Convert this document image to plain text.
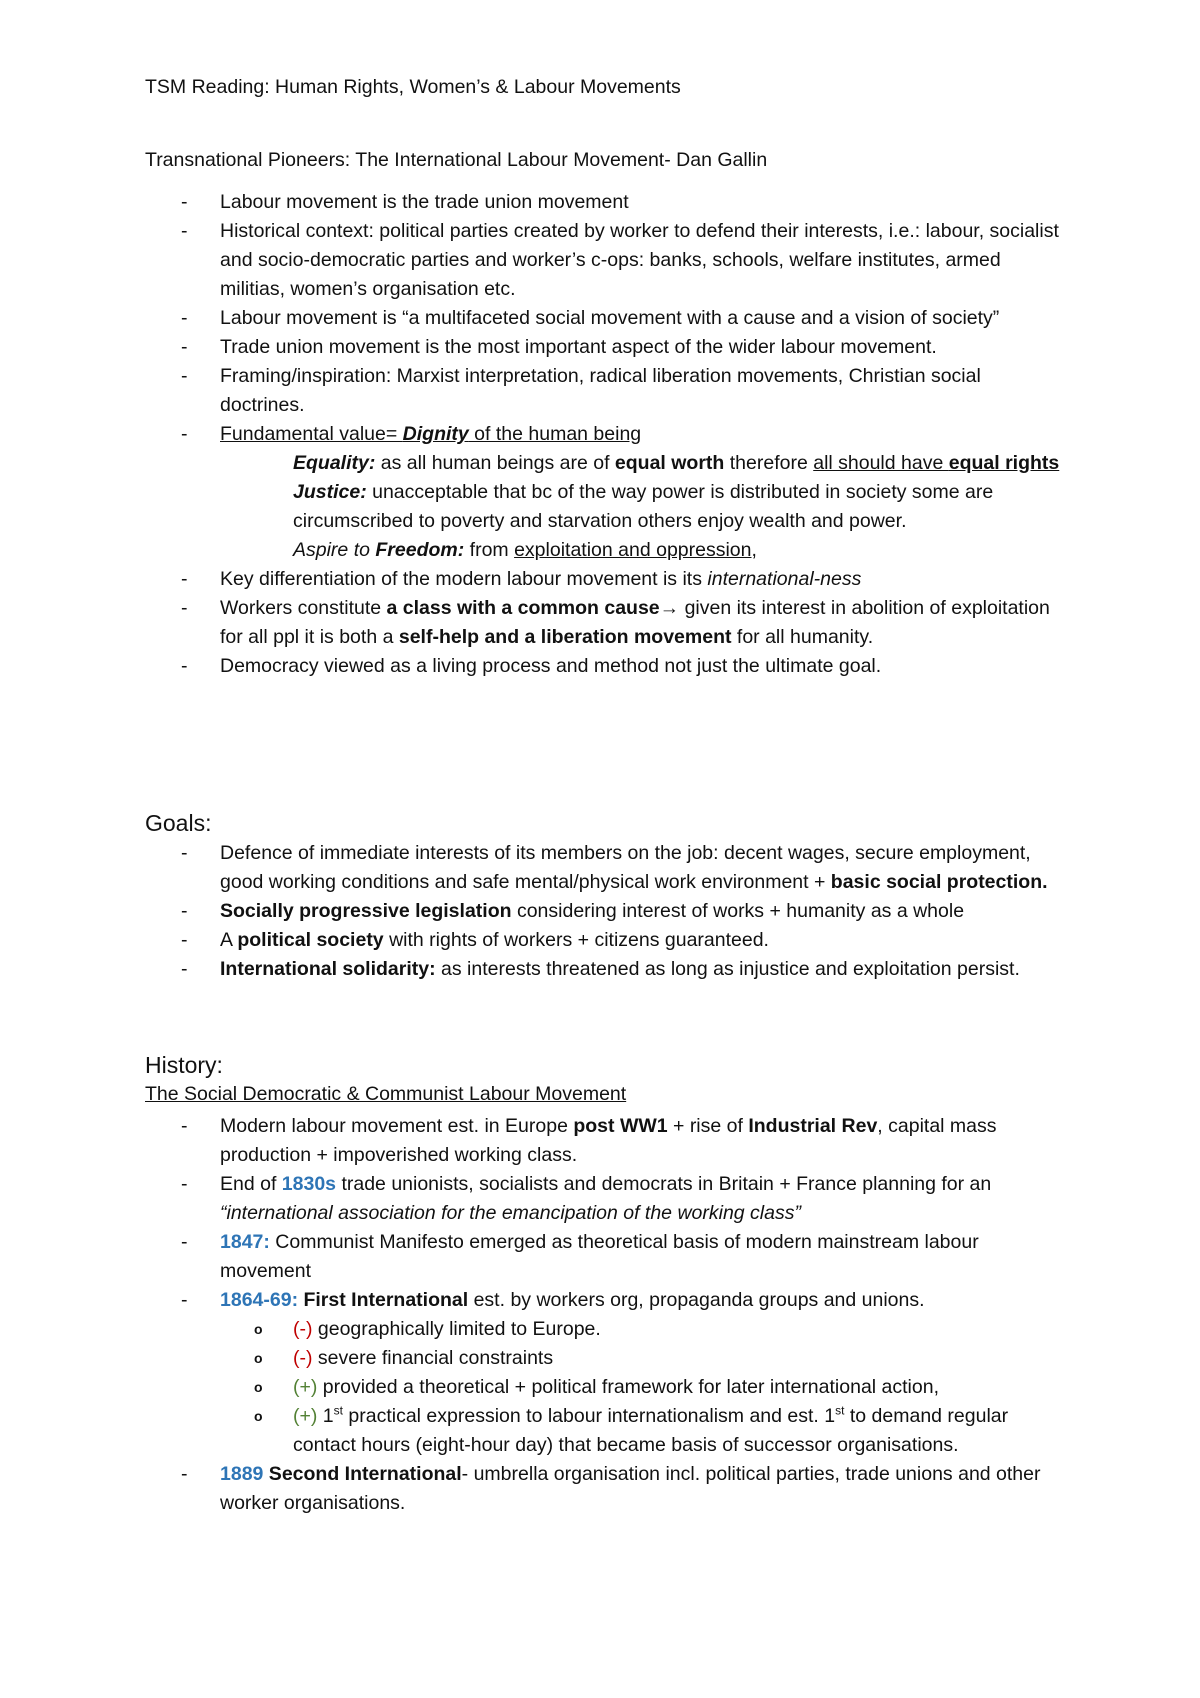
TSM Reading: Human Rights, Women’s & Labour Movements
Transnational Pioneers: The International Labour Movement- Dan Gallin
- Labour movement is the trade union movement
- Historical context: political parties created by worker to defend their interests, i.e.: labour, socialist and socio-democratic parties and worker’s c-ops: banks, schools, welfare institutes, armed militias, women’s organisation etc.
- Labour movement is “a multifaceted social movement with a cause and a vision of society”
- Trade union movement is the most important aspect of the wider labour movement.
- Framing/inspiration: Marxist interpretation, radical liberation movements, Christian social doctrines.
- Fundamental value= Dignity of the human being
Equality: as all human beings are of equal worth therefore all should have equal rights
Justice: unacceptable that bc of the way power is distributed in society some are circumscribed to poverty and starvation others enjoy wealth and power.
Aspire to Freedom: from exploitation and oppression,
- Key differentiation of the modern labour movement is its international-ness
- Workers constitute a class with a common cause→ given its interest in abolition of exploitation for all ppl it is both a self-help and a liberation movement for all humanity.
- Democracy viewed as a living process and method not just the ultimate goal.
Goals:
- Defence of immediate interests of its members on the job: decent wages, secure employment, good working conditions and safe mental/physical work environment + basic social protection.
- Socially progressive legislation considering interest of works + humanity as a whole
- A political society with rights of workers + citizens guaranteed.
- International solidarity: as interests threatened as long as injustice and exploitation persist.
History:
The Social Democratic & Communist Labour Movement
- Modern labour movement est. in Europe post WW1 + rise of Industrial Rev, capital mass production + impoverished working class.
- End of 1830s trade unionists, socialists and democrats in Britain + France planning for an “international association for the emancipation of the working class”
- 1847: Communist Manifesto emerged as theoretical basis of modern mainstream labour movement
- 1864-69: First International est. by workers org, propaganda groups and unions.
o (-) geographically limited to Europe.
o (-) severe financial constraints
o (+) provided a theoretical + political framework for later international action,
o (+) 1st practical expression to labour internationalism and est. 1st to demand regular contact hours (eight-hour day) that became basis of successor organisations.
- 1889 Second International- umbrella organisation incl. political parties, trade unions and other worker organisations.
